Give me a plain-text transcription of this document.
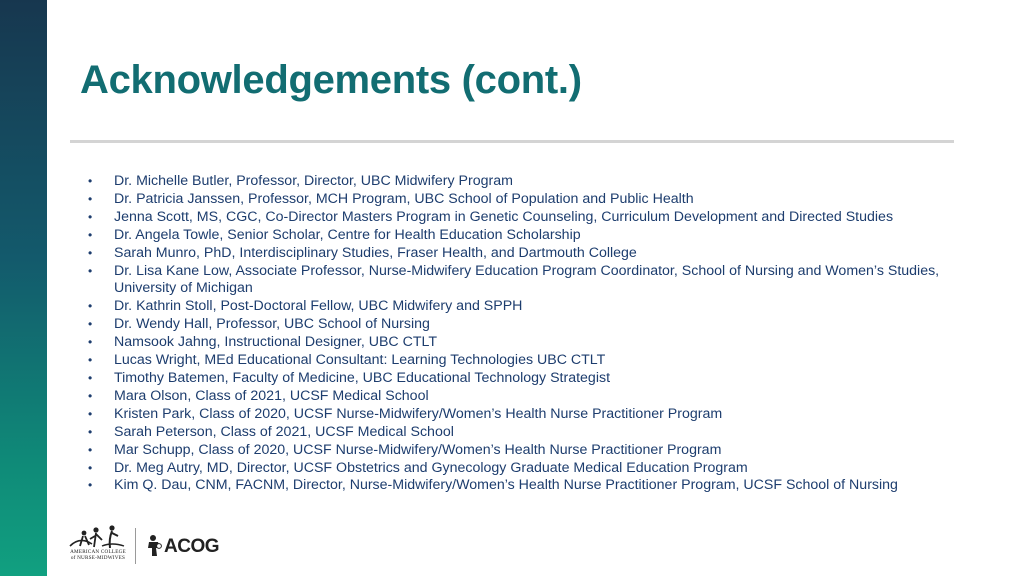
Acknowledgements (cont.)
• Dr. Michelle Butler, Professor, Director, UBC Midwifery Program
• Dr. Patricia Janssen, Professor, MCH Program, UBC School of Population and Public Health
• Jenna Scott, MS, CGC, Co-Director Masters Program in Genetic Counseling, Curriculum Development and Directed Studies
• Dr. Angela Towle, Senior Scholar, Centre for Health Education Scholarship
• Sarah Munro, PhD, Interdisciplinary Studies, Fraser Health, and Dartmouth College
• Dr. Lisa Kane Low, Associate Professor, Nurse-Midwifery Education Program Coordinator, School of Nursing and Women’s Studies, University of Michigan
• Dr. Kathrin Stoll, Post-Doctoral Fellow, UBC Midwifery and SPPH
• Dr. Wendy Hall, Professor, UBC School of Nursing
• Namsook Jahng, Instructional Designer, UBC CTLT
• Lucas Wright, MEd Educational Consultant: Learning Technologies UBC CTLT
• Timothy Batemen, Faculty of Medicine, UBC Educational Technology Strategist
• Mara Olson, Class of 2021, UCSF Medical School
• Kristen Park, Class of 2020, UCSF Nurse-Midwifery/Women’s Health Nurse Practitioner Program
• Sarah Peterson, Class of 2021, UCSF Medical School
• Mar Schupp, Class of 2020, UCSF Nurse-Midwifery/Women’s Health Nurse Practitioner Program
• Dr. Meg Autry, MD, Director, UCSF Obstetrics and Gynecology Graduate Medical Education Program
• Kim Q. Dau, CNM, FACNM, Director, Nurse-Midwifery/Women’s Health Nurse Practitioner Program, UCSF School of Nursing
AMERICAN COLLEGE
of NURSE-MIDWIVES
ACOG
